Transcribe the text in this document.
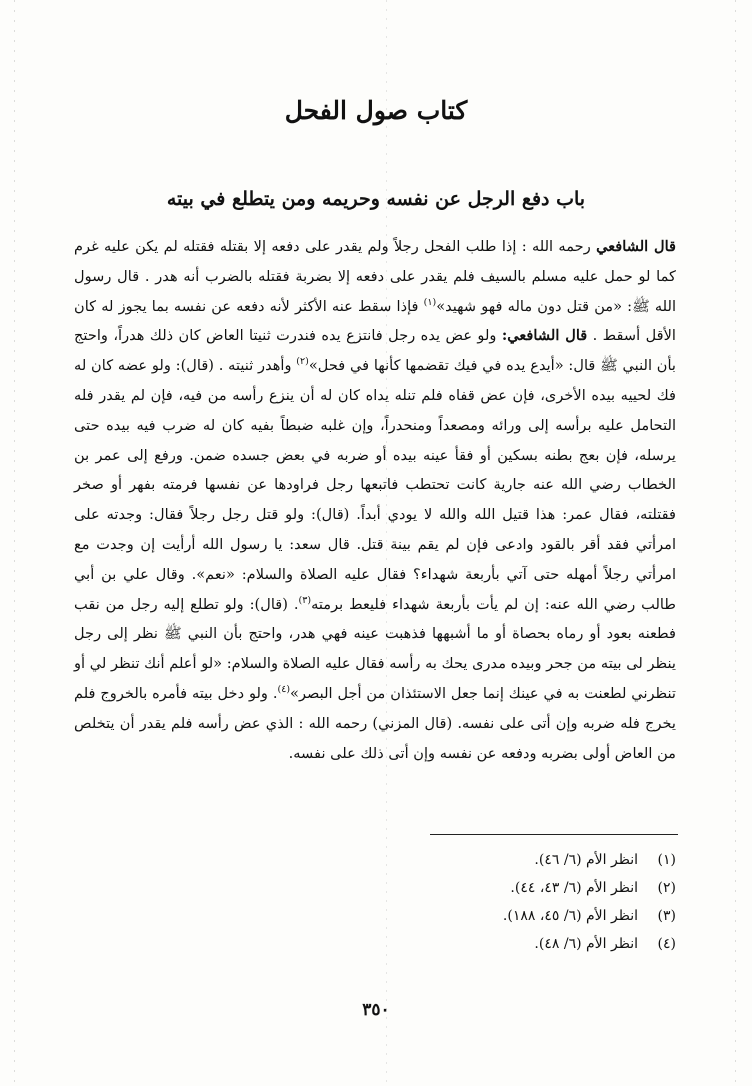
كتاب صول الفحل
باب دفع الرجل عن نفسه وحريمه ومن يتطلع في بيته

قال الشافعي رحمه الله : إذا طلب الفحل رجلاً ولم يقدر على دفعه إلا بقتله فقتله لم يكن عليه غرم كما لو حمل عليه مسلم بالسيف فلم يقدر على دفعه إلا بضربة فقتله بالضرب أنه هدر . قال رسول الله ﷺ: «من قتل دون ماله فهو شهيد»$^{(١)}$ فإذا سقط عنه الأكثر لأنه دفعه عن نفسه بما يجوز له كان الأقل أسقط . قال الشافعي: ولو عض يده رجل فانتزع يده فندرت ثنيتا العاض كان ذلك هدراً، واحتج بأن النبي ﷺ قال: «أيدع يده في فيك تقضمها كأنها في فحل»$^{(٢)}$ وأهدر ثنيته . (قال): ولو عضه كان له فك لحييه بيده الأخرى، فإن عض قفاه فلم تنله يداه كان له أن ينزع رأسه من فيه، فإن لم يقدر فله التحامل عليه برأسه إلى ورائه ومصعداً ومنحدراً، وإن غلبه ضبطاً بفيه كان له ضرب فيه بيده حتى يرسله، فإن بعج بطنه بسكين أو فقأ عينه بيده أو ضربه في بعض جسده ضمن. ورفع إلى عمر بن الخطاب رضي الله عنه جارية كانت تحتطب فاتبعها رجل فراودها عن نفسها فرمته بفهر أو صخر فقتلته، فقال عمر: هذا قتيل الله والله لا يودي أبداً. (قال): ولو قتل رجل رجلاً فقال: وجدته على امرأتي فقد أقر بالقود وادعى فإن لم يقم بينة قتل. قال سعد: يا رسول الله أرأيت إن وجدت مع امرأتي رجلاً أمهله حتى آتي بأربعة شهداء؟ فقال عليه الصلاة والسلام: «نعم». وقال علي بن أبي طالب رضي الله عنه: إن لم يأت بأربعة شهداء فليعط برمته$^{(٣)}$. (قال): ولو تطلع إليه رجل من نقب فطعنه بعود أو رماه بحصاة أو ما أشبهها فذهبت عينه فهي هدر، واحتج بأن النبي ﷺ نظر إلى رجل ينظر لى بيته من جحر وبيده مدرى يحك به رأسه فقال عليه الصلاة والسلام: «لو أعلم أنك تنظر لي أو تنظرني لطعنت به في عينك إنما جعل الاستئذان من أجل البصر»$^{(٤)}$. ولو دخل بيته فأمره بالخروج فلم يخرج فله ضربه وإن أتى على نفسه. (قال المزني) رحمه الله : الذي عض رأسه فلم يقدر أن يتخلص من العاض أولى بضربه ودفعه عن نفسه وإن أتى ذلك على نفسه.

(١)
انظر الأم (٦/ ٤٦).
(٢)
انظر الأم (٦/ ٤٣، ٤٤).
(٣)
انظر الأم (٦/ ٤٥، ١٨٨).
(٤)
انظر الأم (٦/ ٤٨).
٣٥٠
